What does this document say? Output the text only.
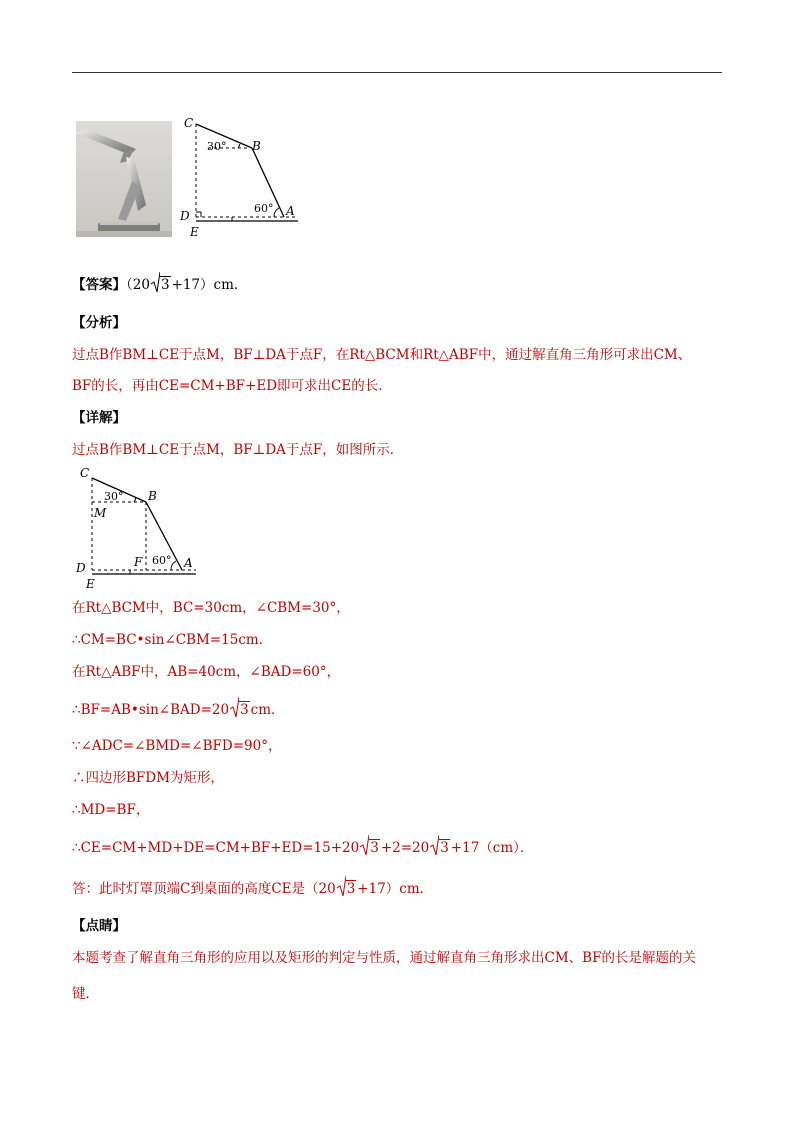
C
B
30°
60° A
D
E
【答案】（20 3 +17）cm．
【分析】
过点B作BM⊥CE于点M，BF⊥DA于点F，在Rt△BCM和Rt△ABF中，通过解直角三角形可求出CM、
BF的长，再由CE=CM+BF+ED即可求出CE的长．
【详解】
过点B作BM⊥CE于点M，BF⊥DA于点F，如图所示．
C
B
30°
M
F 60° A
D
E
在Rt△BCM中，BC=30cm，∠CBM=30°，
∴CM=BC•sin∠CBM=15cm．
在Rt△ABF中，AB=40cm，∠BAD=60°，
∴BF=AB•sin∠BAD=20 3 cm．
∵∠ADC=∠BMD=∠BFD=90°，
∴四边形BFDM为矩形，
∴MD=BF，
∴CE=CM+MD+DE=CM+BF+ED=15+20 3 +2=20 3 +17（cm）．
答：此时灯罩顶端C到桌面的高度CE是（20 3 +17）cm．
【点睛】
本题考查了解直角三角形的应用以及矩形的判定与性质，通过解直角三角形求出CM、BF的长是解题的关
键．
